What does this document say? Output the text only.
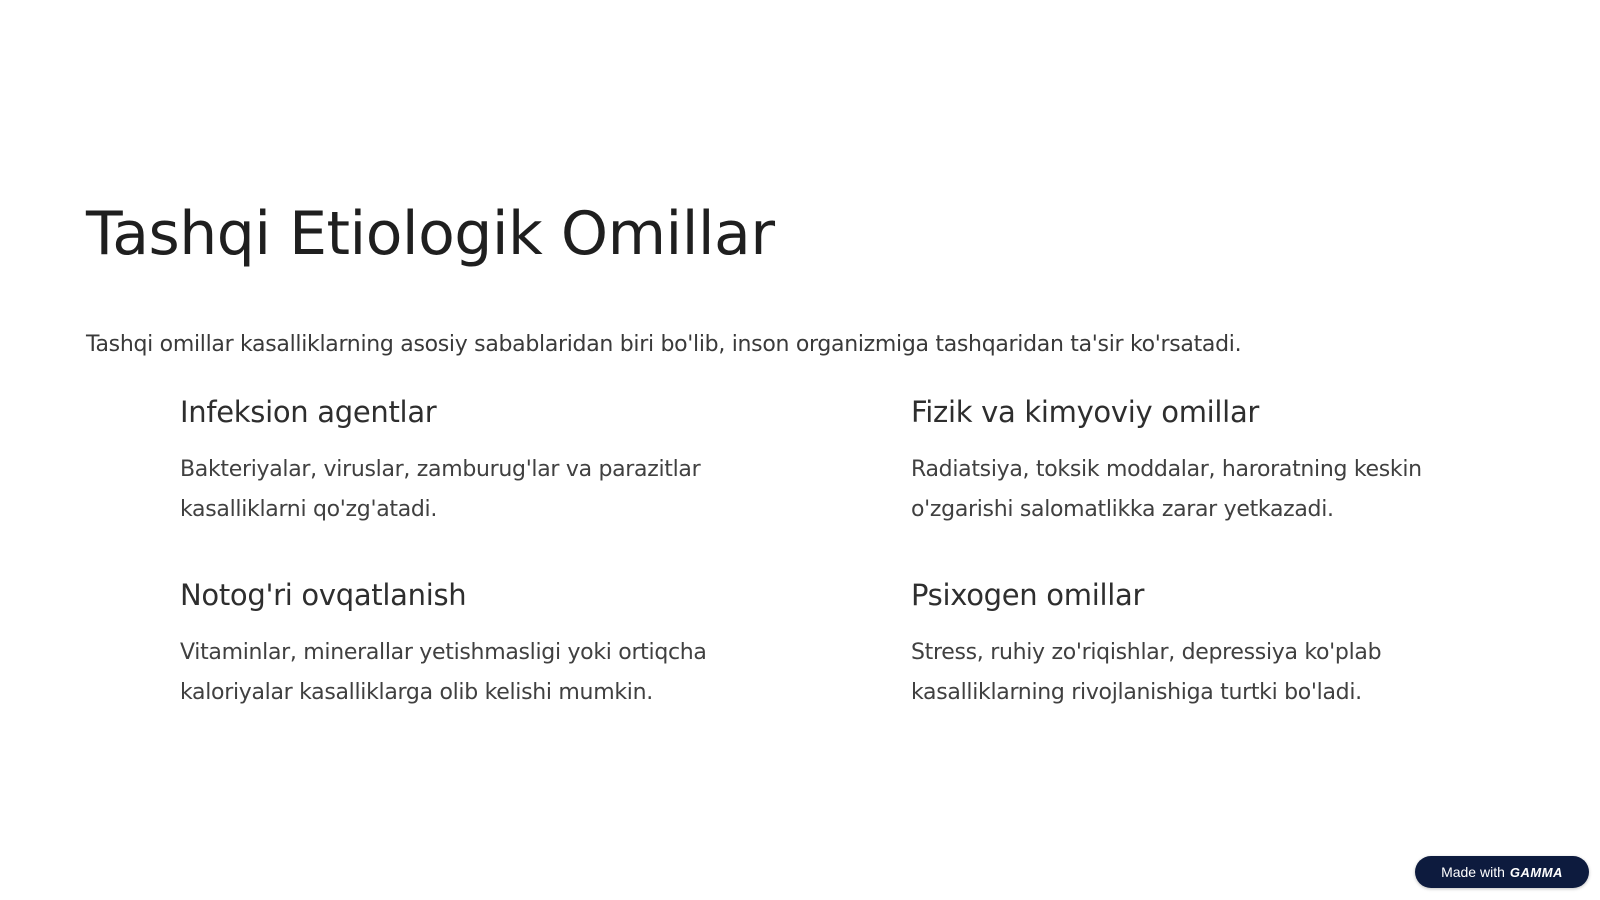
Tashqi Etiologik Omillar

Tashqi omillar kasalliklarning asosiy sabablaridan biri bo'lib, inson organizmiga tashqaridan ta'sir ko'rsatadi.

Infeksion agentlar

Bakteriyalar, viruslar, zamburug'lar va parazitlar kasalliklarni qo'zg'atadi.

Fizik va kimyoviy omillar

Radiatsiya, toksik moddalar, haroratning keskin o'zgarishi salomatlikka zarar yetkazadi.

Notog'ri ovqatlanish

Vitaminlar, minerallar yetishmasligi yoki ortiqcha kaloriyalar kasalliklarga olib kelishi mumkin.

Psixogen omillar

Stress, ruhiy zo'riqishlar, depressiya ko'plab kasalliklarning rivojlanishiga turtki bo'ladi.

Made with GAMMA
